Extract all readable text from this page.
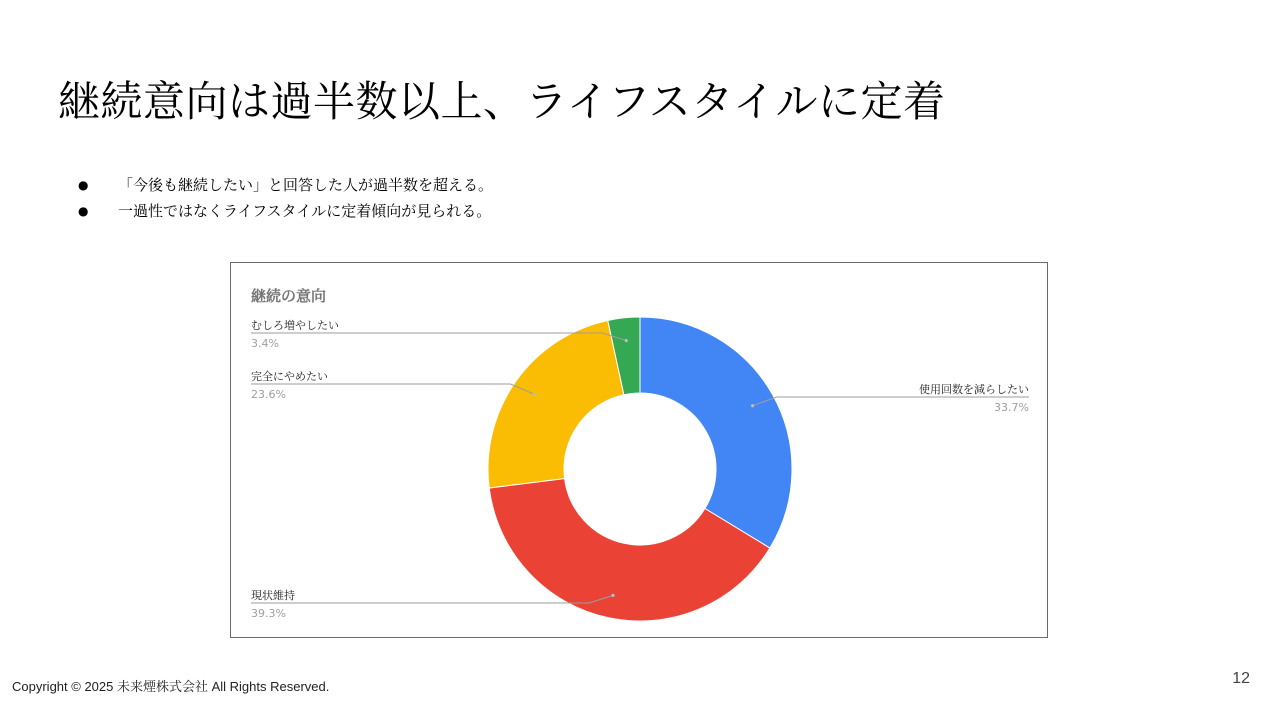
継続意向は過半数以上、ライフスタイルに定着
● 「今後も継続したい」と回答した人が過半数を超える。
● 一過性ではなくライフスタイルに定着傾向が見られる。
継続の意向
使用回数を減らしたい
33.7%
現状維持
39.3%
完全にやめたい
23.6%
むしろ増やしたい
3.4%
Copyright © 2025 未来煙株式会社 All Rights Reserved.	12
